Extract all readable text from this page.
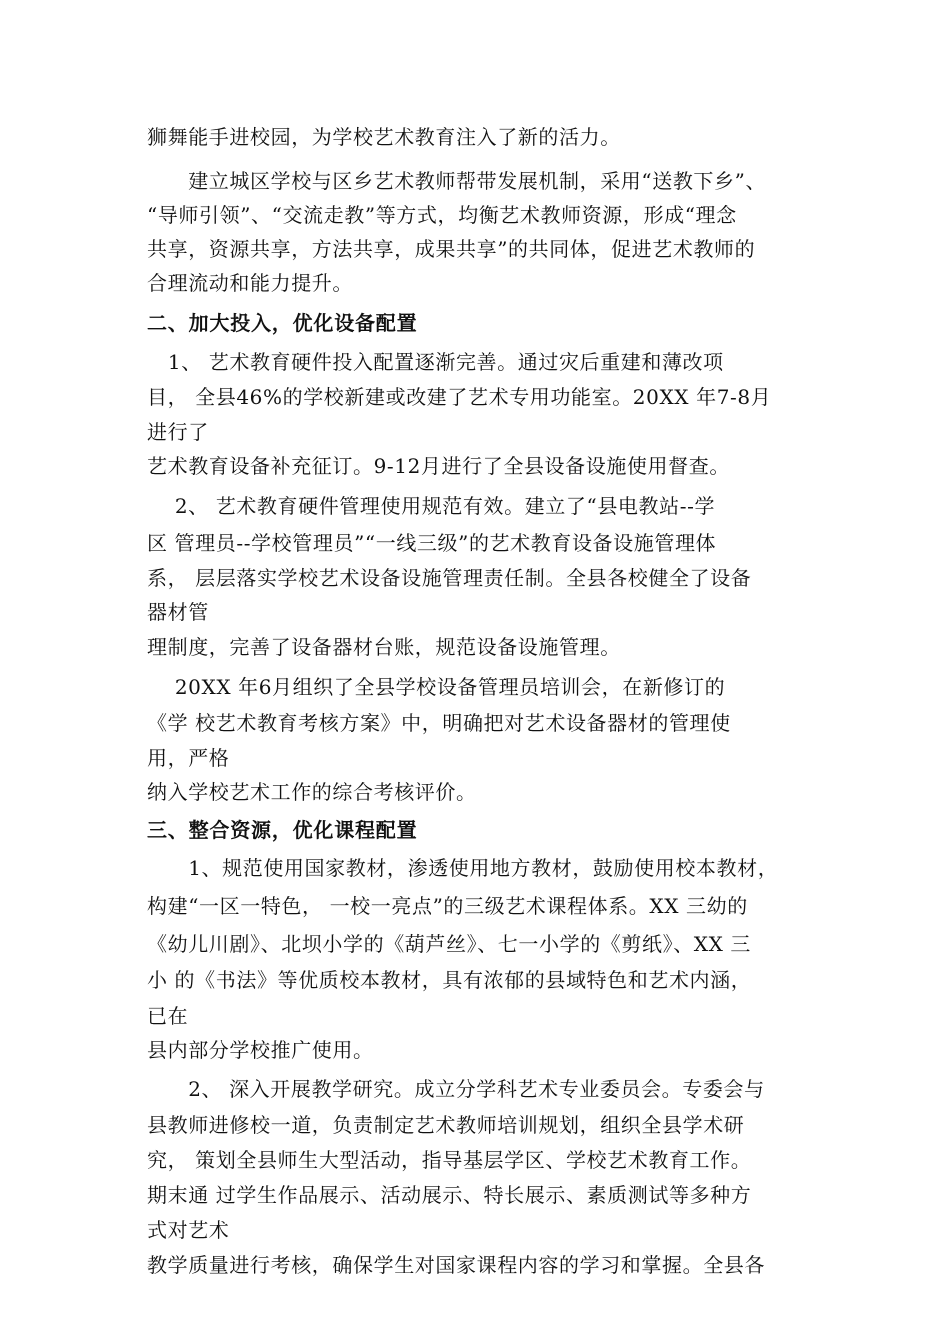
狮舞能手进校园，为学校艺术教育注入了新的活力。
　　建立城区学校与区乡艺术教师帮带发展机制，采用“送教下乡”、
“导师引领”、“交流走教”等方式，均衡艺术教师资源，形成“理念
共享，资源共享，方法共享，成果共享”的共同体，促进艺术教师的
合理流动和能力提升。
二、加大投入，优化设备配置
1、 艺术教育硬件投入配置逐渐完善。通过灾后重建和薄改项
目， 全县46%的学校新建或改建了艺术专用功能室。20XX 年7-8月
进行了
艺术教育设备补充征订。9-12月进行了全县设备设施使用督查。
2、 艺术教育硬件管理使用规范有效。建立了“县电教站--学
区 管理员--学校管理员”“一线三级”的艺术教育设备设施管理体
系， 层层落实学校艺术设备设施管理责任制。全县各校健全了设备
器材管
理制度，完善了设备器材台账，规范设备设施管理。
20XX 年6月组织了全县学校设备管理员培训会，在新修订的
《学 校艺术教育考核方案》中，明确把对艺术设备器材的管理使
用，严格
纳入学校艺术工作的综合考核评价。
三、整合资源，优化课程配置
　　1、规范使用国家教材，渗透使用地方教材，鼓励使用校本教材，
构建“一区一特色， 一校一亮点”的三级艺术课程体系。XX 三幼的
《幼儿川剧》、北坝小学的《葫芦丝》、七一小学的《剪纸》、XX 三
小 的《书法》等优质校本教材，具有浓郁的县域特色和艺术内涵，
已在
县内部分学校推广使用。
　　2、 深入开展教学研究。成立分学科艺术专业委员会。专委会与
县教师进修校一道，负责制定艺术教师培训规划，组织全县学术研
究， 策划全县师生大型活动，指导基层学区、学校艺术教育工作。
期末通 过学生作品展示、活动展示、特长展示、素质测试等多种方
式对艺术
教学质量进行考核，确保学生对国家课程内容的学习和掌握。全县各
